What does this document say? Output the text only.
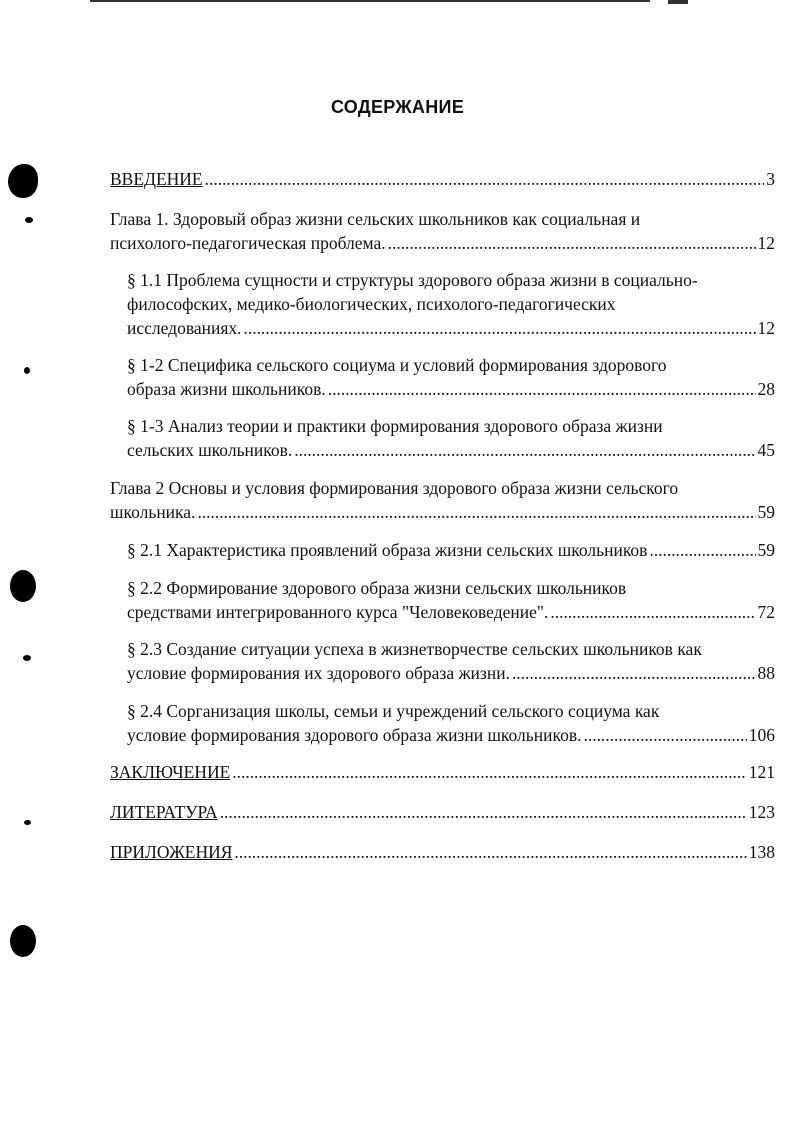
СОДЕРЖАНИЕ
ВВЕДЕНИЕ . . .	3
Глава 1. Здоровый образ жизни сельских школьников как социальная и
психолого-педагогическая проблема. . . .	12
§ 1.1 Проблема сущности и структуры здорового образа жизни в социально-
философских, медико-биологических, психолого-педагогических
исследованиях. . . .	12
§ 1-2 Специфика сельского социума и условий формирования здорового
образа жизни школьников. . . .	28
§ 1-3 Анализ теории и практики формирования здорового образа жизни
сельских школьников. . . .	45
Глава 2 Основы и условия формирования здорового образа жизни сельского
школьника. . . .	59
§ 2.1 Характеристика проявлений образа жизни сельских школьников . . .	59
§ 2.2 Формирование здорового образа жизни сельских школьников
средствами интегрированного курса "Человековедение". . . .	72
§ 2.3 Создание ситуации успеха в жизнетворчестве сельских школьников как
условие формирования их здорового образа жизни. . . .	88
§ 2.4 Сорганизация школы, семьи и учреждений сельского социума как
условие формирования здорового образа жизни школьников. . . .	106
ЗАКЛЮЧЕНИЕ . . .	121
ЛИТЕРАТУРА . . .	123
ПРИЛОЖЕНИЯ . . .	138
